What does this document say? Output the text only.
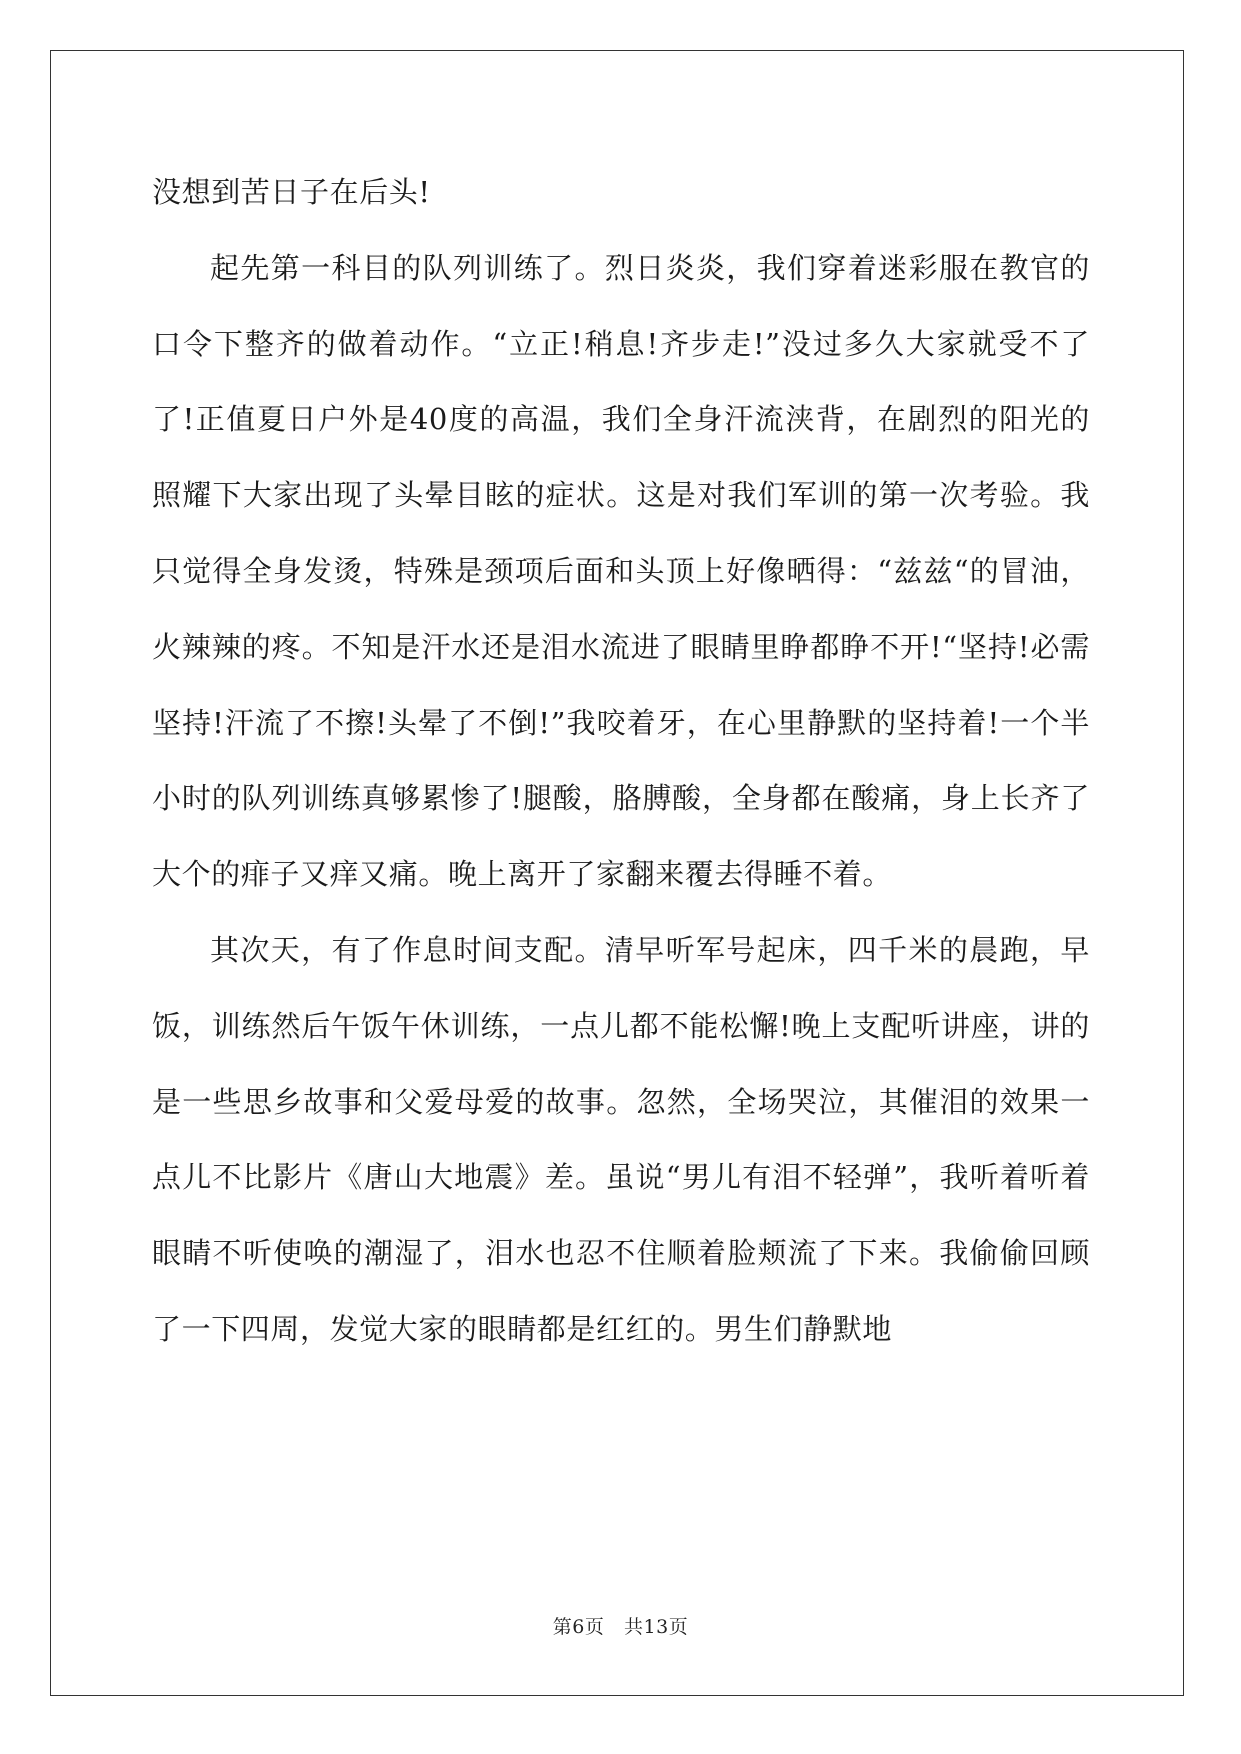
没想到苦日子在后头!

起先第一科目的队列训练了。烈日炎炎，我们穿着迷彩服在教官的口令下整齐的做着动作。“立正!稍息!齐步走!”没过多久大家就受不了了!正值夏日户外是40度的高温，我们全身汗流浃背，在剧烈的阳光的照耀下大家出现了头晕目眩的症状。这是对我们军训的第一次考验。我只觉得全身发烫，特殊是颈项后面和头顶上好像晒得：“兹兹“的冒油，火辣辣的疼。不知是汗水还是泪水流进了眼睛里睁都睁不开!“坚持!必需坚持!汗流了不擦!头晕了不倒!”我咬着牙，在心里静默的坚持着!一个半小时的队列训练真够累惨了!腿酸，胳膊酸，全身都在酸痛，身上长齐了大个的痱子又痒又痛。晚上离开了家翻来覆去得睡不着。

其次天，有了作息时间支配。清早听军号起床，四千米的晨跑，早饭，训练然后午饭午休训练，一点儿都不能松懈!晚上支配听讲座，讲的是一些思乡故事和父爱母爱的故事。忽然，全场哭泣，其催泪的效果一点儿不比影片《唐山大地震》差。虽说“男儿有泪不轻弹”，我听着听着眼睛不听使唤的潮湿了，泪水也忍不住顺着脸颊流了下来。我偷偷回顾了一下四周，发觉大家的眼睛都是红红的。男生们静默地

第6页 共13页
